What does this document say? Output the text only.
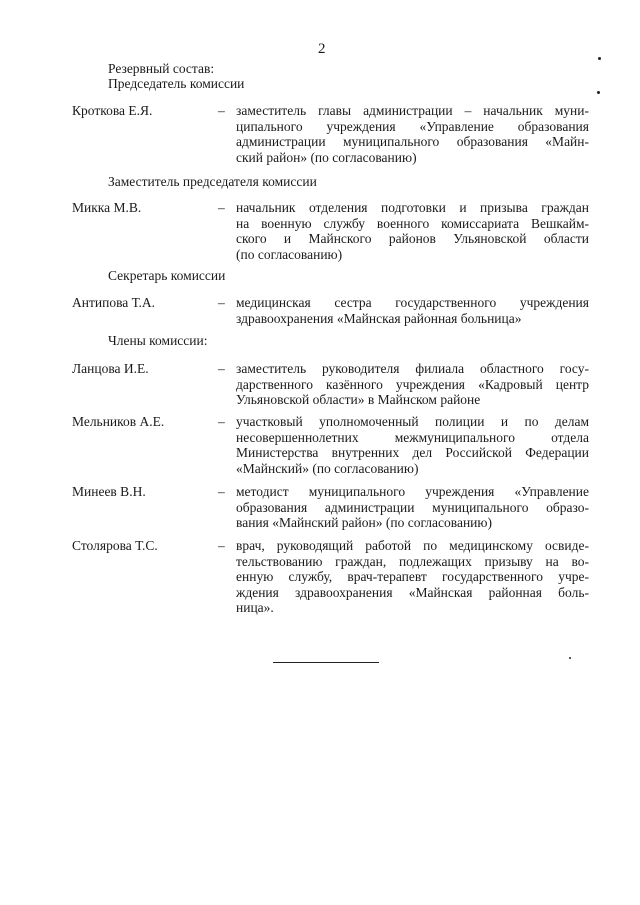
2
Резервный состав:
Председатель комиссии
Кроткова Е.Я.	– заместитель главы администрации – начальник муни-
ципального учреждения «Управление образования
администрации муниципального образования «Майн-
ский район» (по согласованию)
Заместитель председателя комиссии
Микка М.В.	– начальник отделения подготовки и призыва граждан
на военную службу военного комиссариата Вешкайм-
ского и Майнского районов Ульяновской области
(по согласованию)
Секретарь комиссии
Антипова Т.А.	– медицинская сестра государственного учреждения
здравоохранения «Майнская районная больница»
Члены комиссии:
Ланцова И.Е.	– заместитель руководителя филиала областного госу-
дарственного казённого учреждения «Кадровый центр
Ульяновской области» в Майнском районе
Мельников А.Е.	– участковый уполномоченный полиции и по делам
несовершеннолетних межмуниципального отдела
Министерства внутренних дел Российской Федерации
«Майнский» (по согласованию)
Минеев В.Н.	– методист муниципального учреждения «Управление
образования администрации муниципального образо-
вания «Майнский район» (по согласованию)
Столярова Т.С.	– врач, руководящий работой по медицинскому освиде-
тельствованию граждан, подлежащих призыву на во-
енную службу, врач-терапевт государственного учре-
ждения здравоохранения «Майнская районная боль-
ница».
